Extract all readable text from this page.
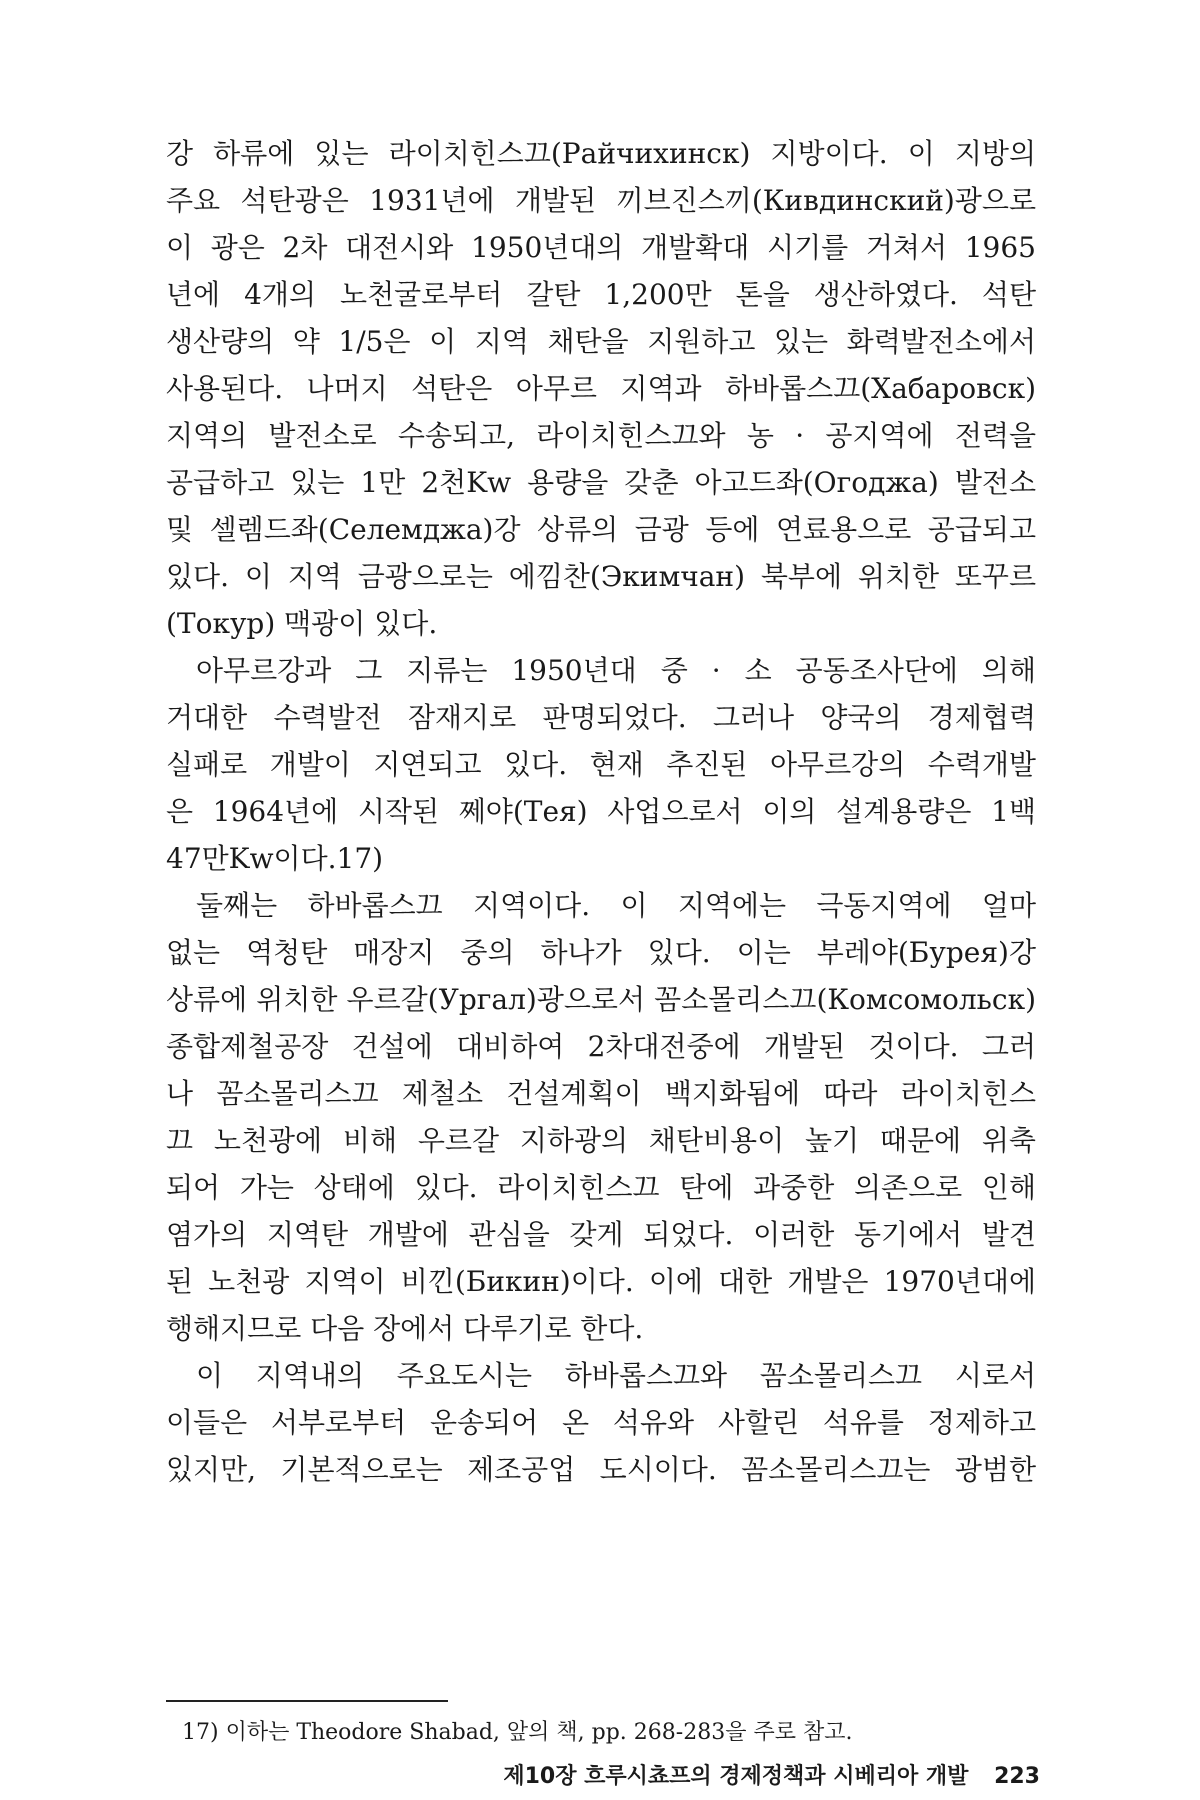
강 하류에 있는 라이치힌스끄(Райчихинск) 지방이다. 이 지방의
주요 석탄광은 1931년에 개발된 끼브진스끼(Кивдинский)광으로
이 광은 2차 대전시와 1950년대의 개발확대 시기를 거쳐서 1965
년에 4개의 노천굴로부터 갈탄 1,200만 톤을 생산하였다. 석탄
생산량의 약 1/5은 이 지역 채탄을 지원하고 있는 화력발전소에서
사용된다. 나머지 석탄은 아무르 지역과 하바롭스끄(Хабаровск)
지역의 발전소로 수송되고, 라이치힌스끄와 농 · 공지역에 전력을
공급하고 있는 1만 2천Kw 용량을 갖춘 아고드좌(Огоджа) 발전소
및 셀렘드좌(Селемджа)강 상류의 금광 등에 연료용으로 공급되고
있다. 이 지역 금광으로는 에낌찬(Экимчан) 북부에 위치한 또꾸르
(Токур) 맥광이 있다.
아무르강과 그 지류는 1950년대 중 · 소 공동조사단에 의해
거대한 수력발전 잠재지로 판명되었다. 그러나 양국의 경제협력
실패로 개발이 지연되고 있다. 현재 추진된 아무르강의 수력개발
은 1964년에 시작된 쩨야(Тея) 사업으로서 이의 설계용량은 1백
47만Kw이다.17)
둘째는 하바롭스끄 지역이다. 이 지역에는 극동지역에 얼마
없는 역청탄 매장지 중의 하나가 있다. 이는 부레야(Бурея)강
상류에 위치한 우르갈(Ургал)광으로서 꼼소몰리스끄(Комсомольск)
종합제철공장 건설에 대비하여 2차대전중에 개발된 것이다. 그러
나 꼼소몰리스끄 제철소 건설계획이 백지화됨에 따라 라이치힌스
끄 노천광에 비해 우르갈 지하광의 채탄비용이 높기 때문에 위축
되어 가는 상태에 있다. 라이치힌스끄 탄에 과중한 의존으로 인해
염가의 지역탄 개발에 관심을 갖게 되었다. 이러한 동기에서 발견
된 노천광 지역이 비낀(Бикин)이다. 이에 대한 개발은 1970년대에
행해지므로 다음 장에서 다루기로 한다.
이 지역내의 주요도시는 하바롭스끄와 꼼소몰리스끄 시로서
이들은 서부로부터 운송되어 온 석유와 사할린 석유를 정제하고
있지만, 기본적으로는 제조공업 도시이다. 꼼소몰리스끄는 광범한
17) 이하는 Theodore Shabad, 앞의 책, pp. 268-283을 주로 참고.
제10장 흐루시쵸프의 경제정책과 시베리아 개발 223
